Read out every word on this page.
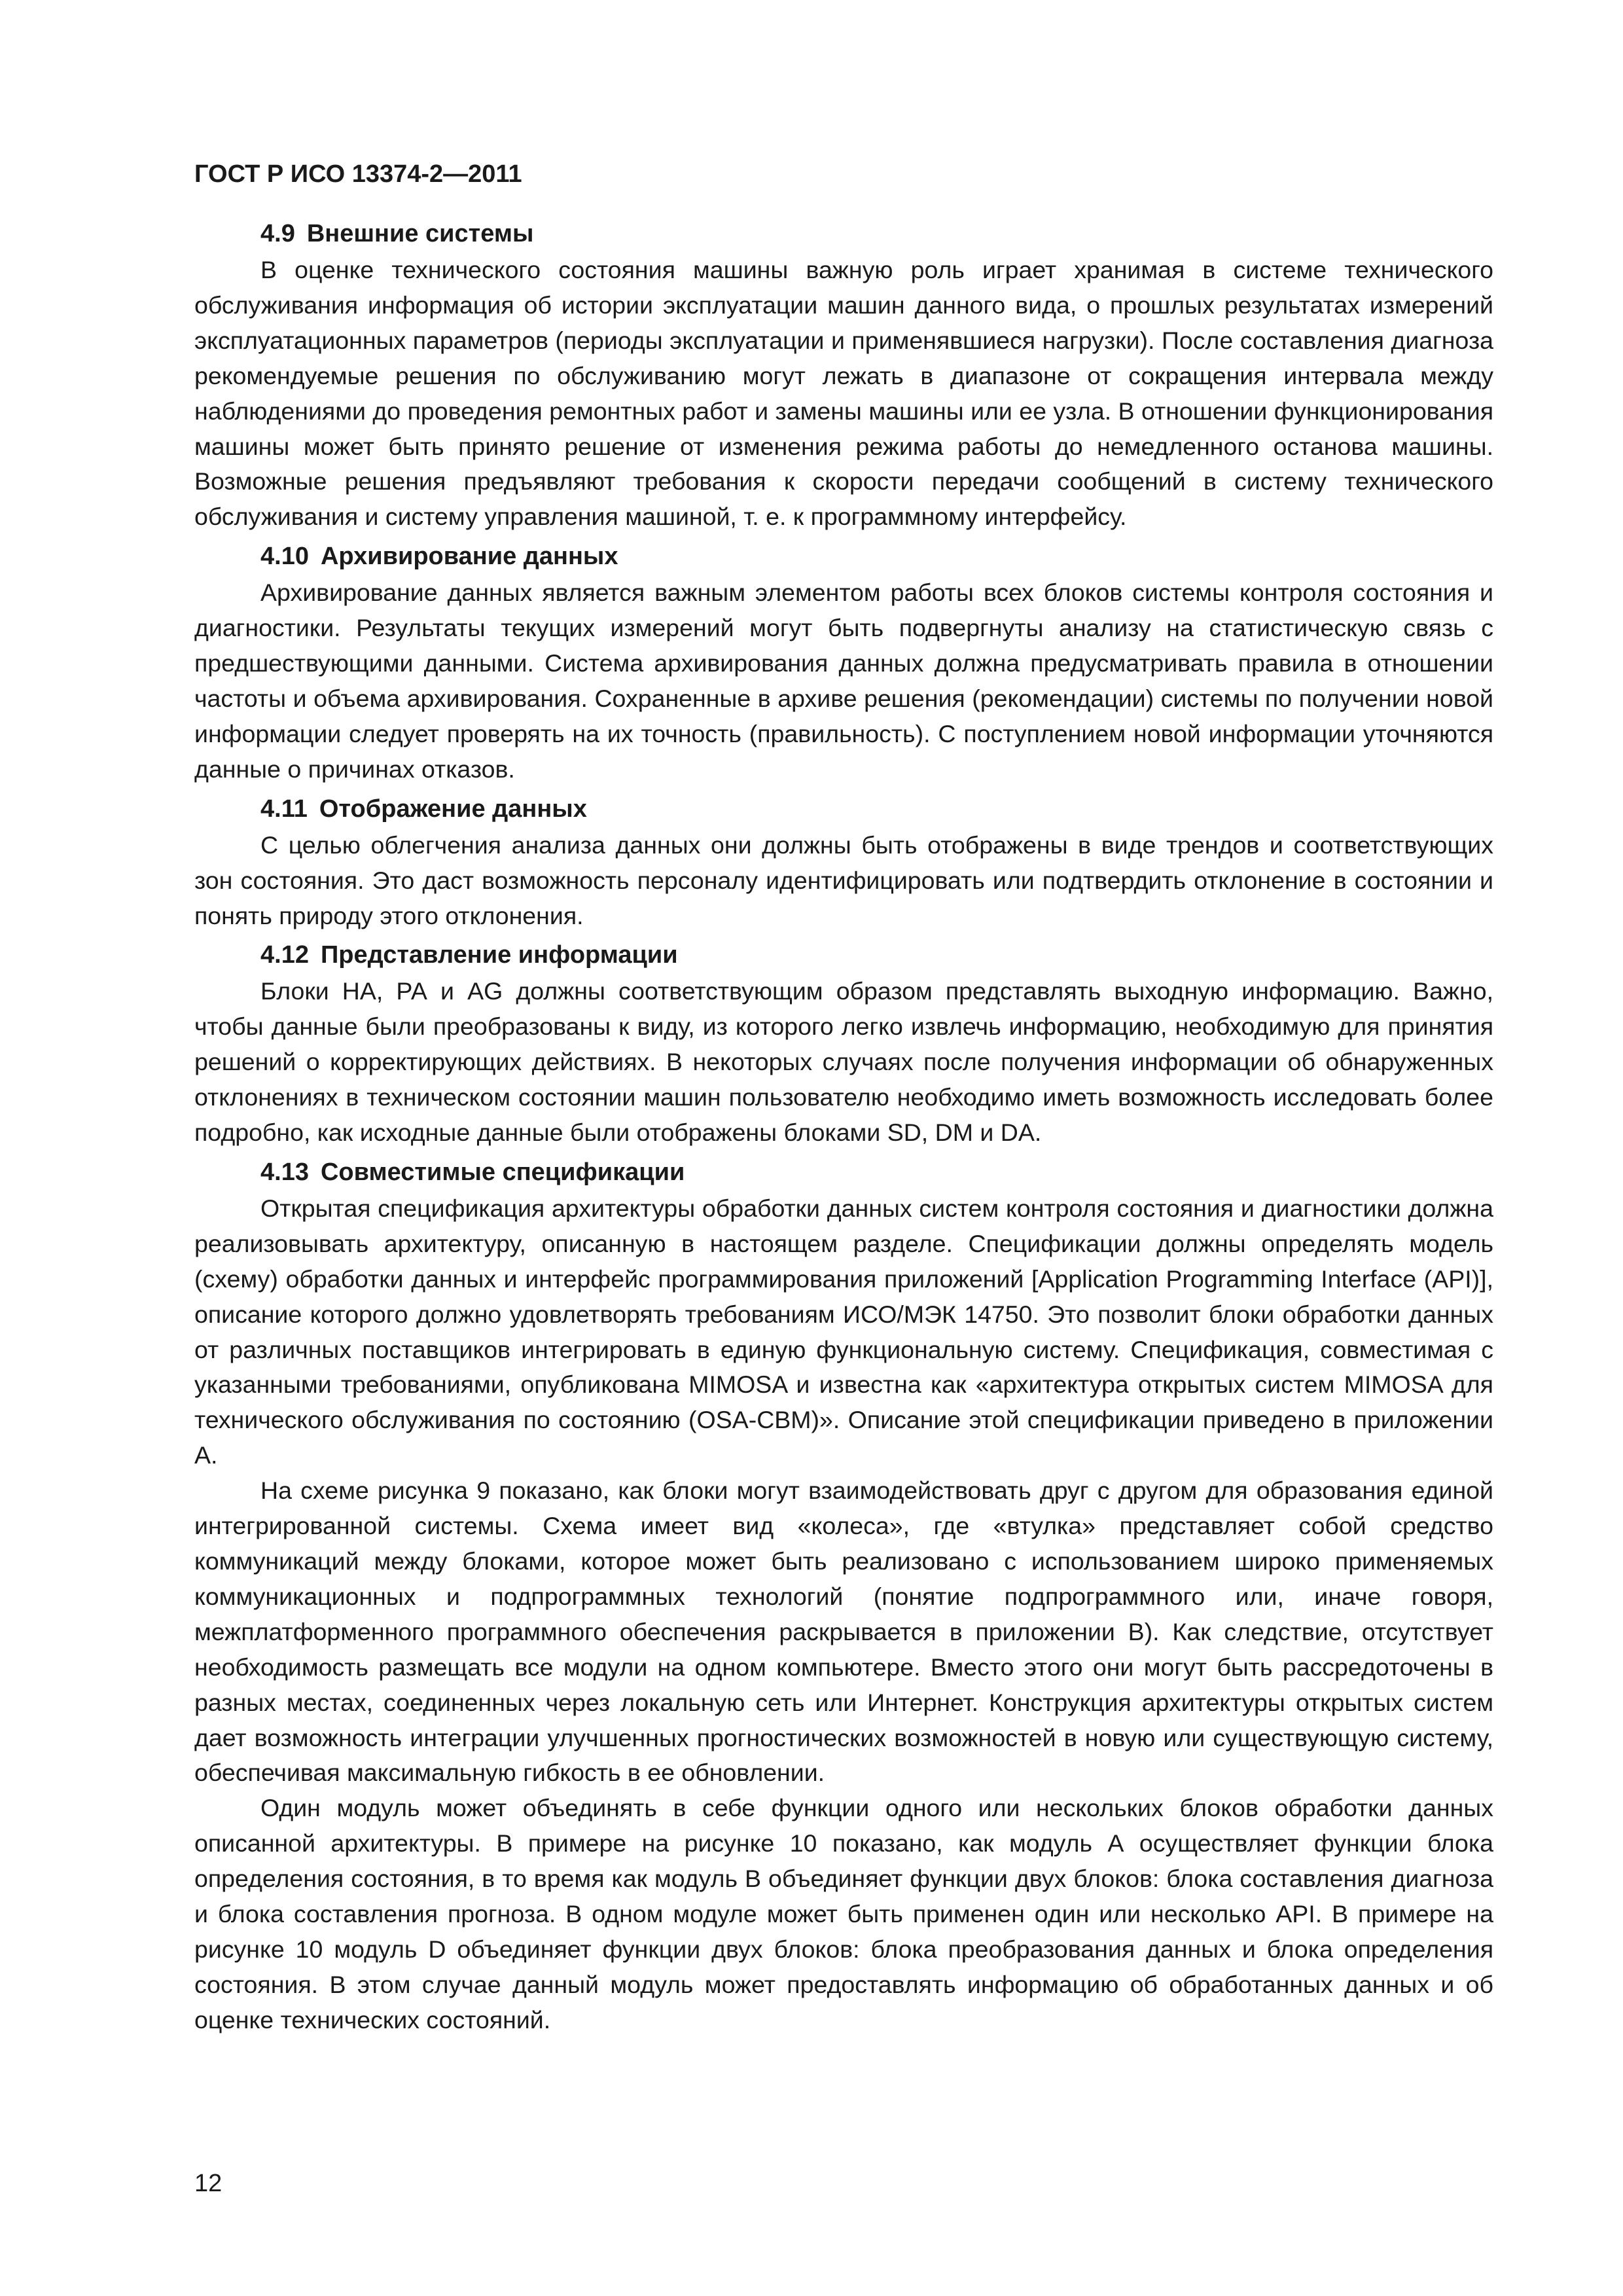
ГОСТ Р ИСО 13374-2—2011
4.9 Внешние системы

В оценке технического состояния машины важную роль играет хранимая в системе технического обслуживания информация об истории эксплуатации машин данного вида, о прошлых результатах измерений эксплуатационных параметров (периоды эксплуатации и применявшиеся нагрузки). После составления диагноза рекомендуемые решения по обслуживанию могут лежать в диапазоне от сокращения интервала между наблюдениями до проведения ремонтных работ и замены машины или ее узла. В отношении функционирования машины может быть принято решение от изменения режима работы до немедленного останова машины. Возможные решения предъявляют требования к скорости передачи сообщений в систему технического обслуживания и систему управления машиной, т. е. к программному интерфейсу.

4.10 Архивирование данных

Архивирование данных является важным элементом работы всех блоков системы контроля состояния и диагностики. Результаты текущих измерений могут быть подвергнуты анализу на статистическую связь с предшествующими данными. Система архивирования данных должна предусматривать правила в отношении частоты и объема архивирования. Сохраненные в архиве решения (рекомендации) системы по получении новой информации следует проверять на их точность (правильность). С поступлением новой информации уточняются данные о причинах отказов.

4.11 Отображение данных

С целью облегчения анализа данных они должны быть отображены в виде трендов и соответствующих зон состояния. Это даст возможность персоналу идентифицировать или подтвердить отклонение в состоянии и понять природу этого отклонения.

4.12 Представление информации

Блоки НА, РА и AG должны соответствующим образом представлять выходную информацию. Важно, чтобы данные были преобразованы к виду, из которого легко извлечь информацию, необходимую для принятия решений о корректирующих действиях. В некоторых случаях после получения информации об обнаруженных отклонениях в техническом состоянии машин пользователю необходимо иметь возможность исследовать более подробно, как исходные данные были отображены блоками SD, DM и DA.

4.13 Совместимые спецификации

Открытая спецификация архитектуры обработки данных систем контроля состояния и диагностики должна реализовывать архитектуру, описанную в настоящем разделе. Спецификации должны определять модель (схему) обработки данных и интерфейс программирования приложений [Application Programming Interface (API)], описание которого должно удовлетворять требованиям ИСО/МЭК 14750. Это позволит блоки обработки данных от различных поставщиков интегрировать в единую функциональную систему. Спецификация, совместимая с указанными требованиями, опубликована MIMOSA и известна как «архитектура открытых систем MIMOSA для технического обслуживания по состоянию (OSA-CBM)». Описание этой спецификации приведено в приложении А.

На схеме рисунка 9 показано, как блоки могут взаимодействовать друг с другом для образования единой интегрированной системы. Схема имеет вид «колеса», где «втулка» представляет собой средство коммуникаций между блоками, которое может быть реализовано с использованием широко применяемых коммуникационных и подпрограммных технологий (понятие подпрограммного или, иначе говоря, межплатформенного программного обеспечения раскрывается в приложении В). Как следствие, отсутствует необходимость размещать все модули на одном компьютере. Вместо этого они могут быть рассредоточены в разных местах, соединенных через локальную сеть или Интернет. Конструкция архитектуры открытых систем дает возможность интеграции улучшенных прогностических возможностей в новую или существующую систему, обеспечивая максимальную гибкость в ее обновлении.

Один модуль может объединять в себе функции одного или нескольких блоков обработки данных описанной архитектуры. В примере на рисунке 10 показано, как модуль А осуществляет функции блока определения состояния, в то время как модуль В объединяет функции двух блоков: блока составления диагноза и блока составления прогноза. В одном модуле может быть применен один или несколько API. В примере на рисунке 10 модуль D объединяет функции двух блоков: блока преобразования данных и блока определения состояния. В этом случае данный модуль может предоставлять информацию об обработанных данных и об оценке технических состояний.

12
